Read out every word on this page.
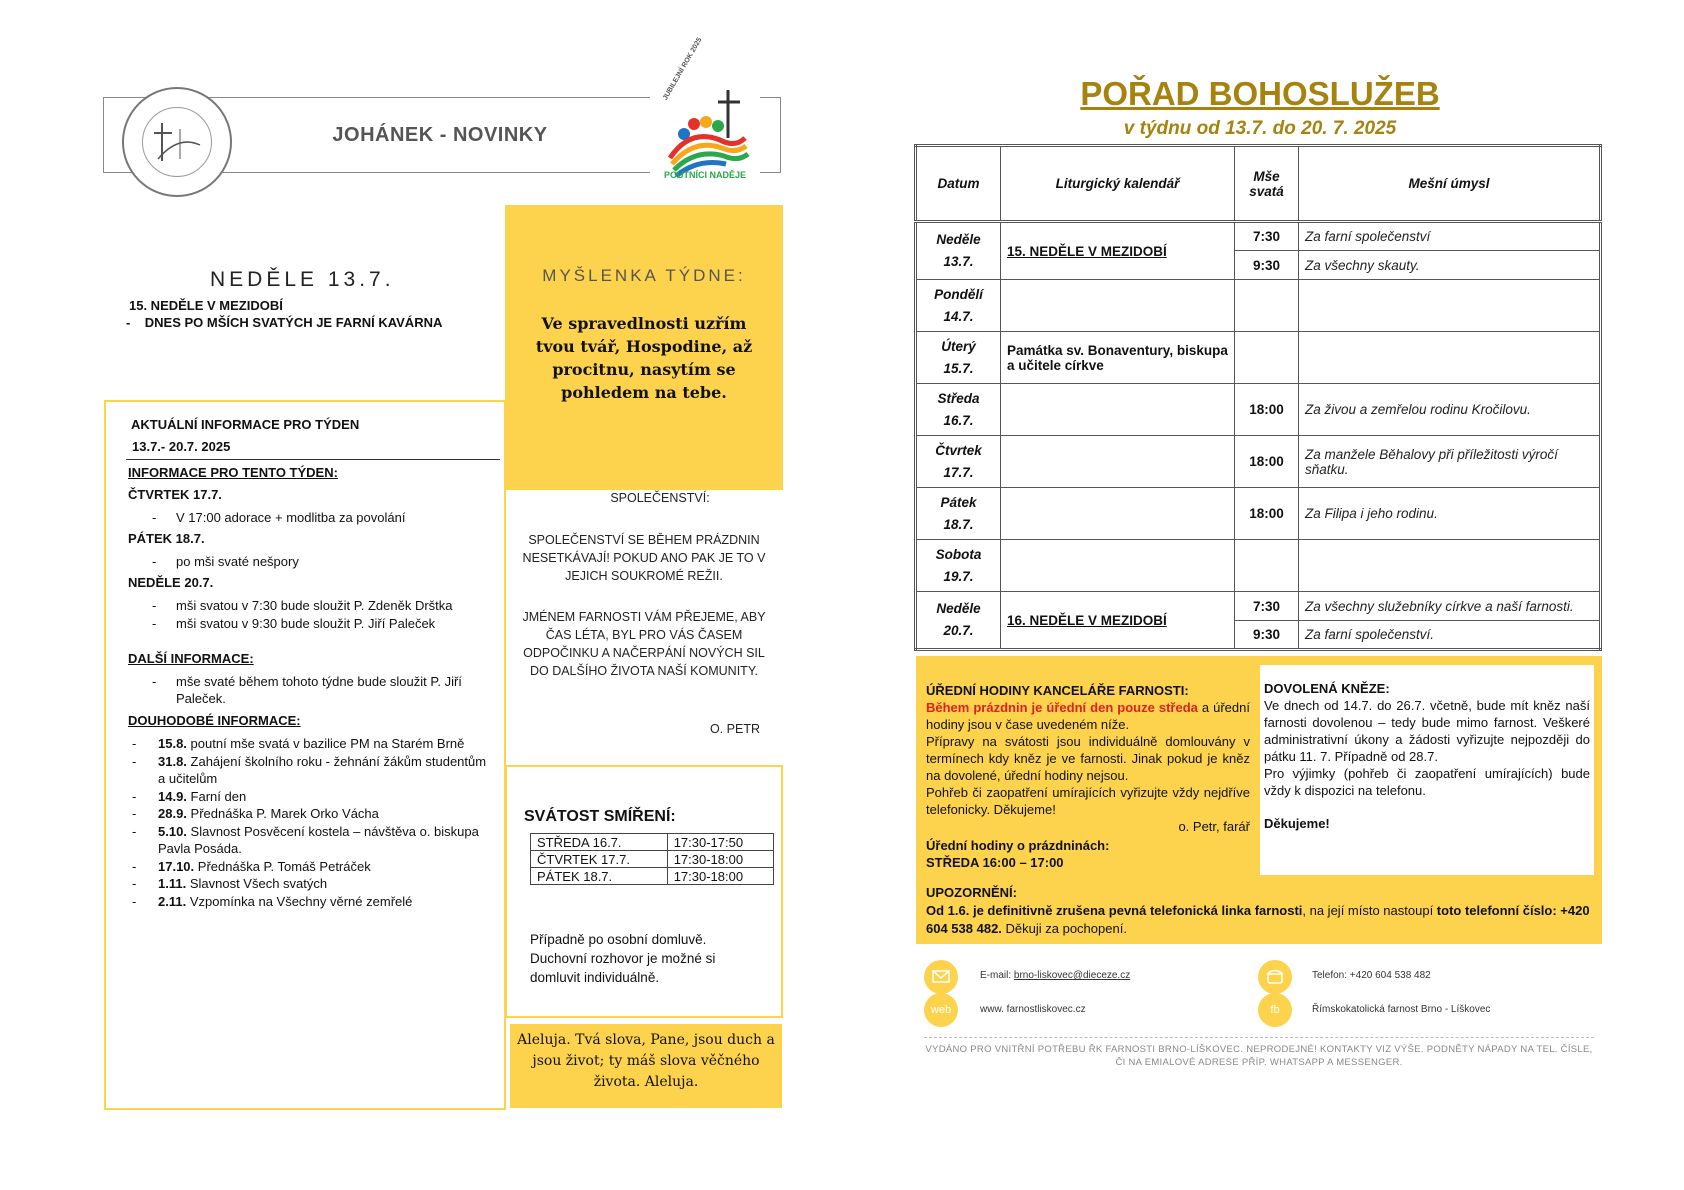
JUBILEJNÍ ROK 2025
POUTNÍCI NADĚJE
JOHÁNEK - NOVINKY
NEDĚLE 13.7.
15. NEDĚLE V MEZIDOBÍ
-    DNES PO MŠÍCH SVATÝCH JE FARNÍ KAVÁRNA
AKTUÁLNÍ INFORMACE PRO TÝDEN
13.7.- 20.7. 2025
INFORMACE PRO TENTO TÝDEN:
ČTVRTEK 17.7.
- V 17:00 adorace + modlitba za povolání
PÁTEK 18.7.
- po mši svaté nešpory
NEDĚLE 20.7.
- mši svatou v 7:30 bude sloužit P. Zdeněk Drštka
- mši svatou v 9:30 bude sloužit P. Jiří Paleček
DALŠÍ INFORMACE:
- mše svaté během tohoto týdne bude sloužit P. Jiří Paleček.
DOUHODOBÉ INFORMACE:
- 15.8. poutní mše svatá v bazilice PM na Starém Brně
- 31.8. Zahájení školního roku - žehnání žákům studentům a učitelům
- 14.9. Farní den
- 28.9. Přednáška P. Marek Orko Vácha
- 5.10. Slavnost Posvěcení kostela – návštěva o. biskupa Pavla Posáda.
- 17.10. Přednáška P. Tomáš Petráček
- 1.11. Slavnost Všech svatých
- 2.11. Vzpomínka na Všechny věrné zemřelé
MYŠLENKA TÝDNE:
Ve spravedlnosti uzřím tvou tvář, Hospodine, až procitnu, nasytím se pohledem na tebe.
SPOLEČENSTVÍ:
SPOLEČENSTVÍ SE BĚHEM PRÁZDNIN NESETKÁVAJÍ! POKUD ANO PAK JE TO V JEJICH SOUKROMÉ REŽII.
JMÉNEM FARNOSTI VÁM PŘEJEME, ABY ČAS LÉTA, BYL PRO VÁS ČASEM ODPOČINKU A NAČERPÁNÍ NOVÝCH SIL DO DALŠÍHO ŽIVOTA NAŠÍ KOMUNITY.
O. PETR
SVÁTOST SMÍŘENÍ:
STŘEDA 16.7.	17:30-17:50
ČTVRTEK 17.7.	17:30-18:00
PÁTEK 18.7.	17:30-18:00
Případně po osobní domluvě. Duchovní rozhovor je možné si domluvit individuálně.
Aleluja. Tvá slova, Pane, jsou duch a jsou život; ty máš slova věčného života. Aleluja.
POŘAD BOHOSLUŽEB
v týdnu od 13.7. do 20. 7. 2025
Datum	Liturgický kalendář	Mše svatá	Mešní úmysl

Neděle
13.7.	15. NEDĚLE V MEZIDOBÍ	7:30	Za farní společenství
		9:30	Za všechny skauty.

Pondělí
14.7.			

Úterý
15.7.	Památka sv. Bonaventury, biskupa a učitele církve		

Středa
16.7.		18:00	Za živou a zemřelou rodinu Kročilovu.

Čtvrtek
17.7.		18:00	Za manžele Běhalovy při příležitosti výročí sňatku.

Pátek
18.7.		18:00	Za Filipa i jeho rodinu.

Sobota
19.7.			

Neděle
20.7.	16. NEDĚLE V MEZIDOBÍ	7:30	Za všechny služebníky církve a naší farnosti.
		9:30	Za farní společenství.
ÚŘEDNÍ HODINY KANCELÁŘE FARNOSTI:
Během prázdnin je úřední den pouze středa a úřední hodiny jsou v čase uvedeném níže.
Přípravy na svátosti jsou individuálně domlouvány v termínech kdy kněz je ve farnosti. Jinak pokud je kněz na dovolené, úřední hodiny nejsou.
Pohřeb či zaopatření umírajících vyřizujte vždy nejdříve telefonicky. Děkujeme!
o. Petr, farář
Úřední hodiny o prázdninách:
STŘEDA 16:00 – 17:00
DOVOLENÁ KNĚZE:
Ve dnech od 14.7. do 26.7. včetně, bude mít kněz naší farnosti dovolenou – tedy bude mimo farnost. Veškeré administrativní úkony a žádosti vyřizujte nejpozději do pátku 11. 7. Případně od 28.7.
Pro výjimky (pohřeb či zaopatření umírajících) bude vždy k dispozici na telefonu.
Děkujeme!
UPOZORNĚNÍ:
Od 1.6. je definitivně zrušena pevná telefonická linka farnosti, na její místo nastoupí toto telefonní číslo: +420 604 538 482. Děkuji za pochopení.
E-mail: brno-liskovec@dieceze.cz	Telefon: +420 604 538 482
web	www. farnostliskovec.cz	fb	Římskokatolická farnost Brno - Líškovec
VYDÁNO PRO VNITŘNÍ POTŘEBU ŘK FARNOSTI BRNO-LÍŠKOVEC. NEPRODEJNÉ! KONTAKTY VIZ VÝŠE. PODNĚTY NÁPADY NA TEL. ČÍSLE, ČI NA EMIALOVÉ ADRESE PŘÍP. WHATSAPP A MESSENGER.
